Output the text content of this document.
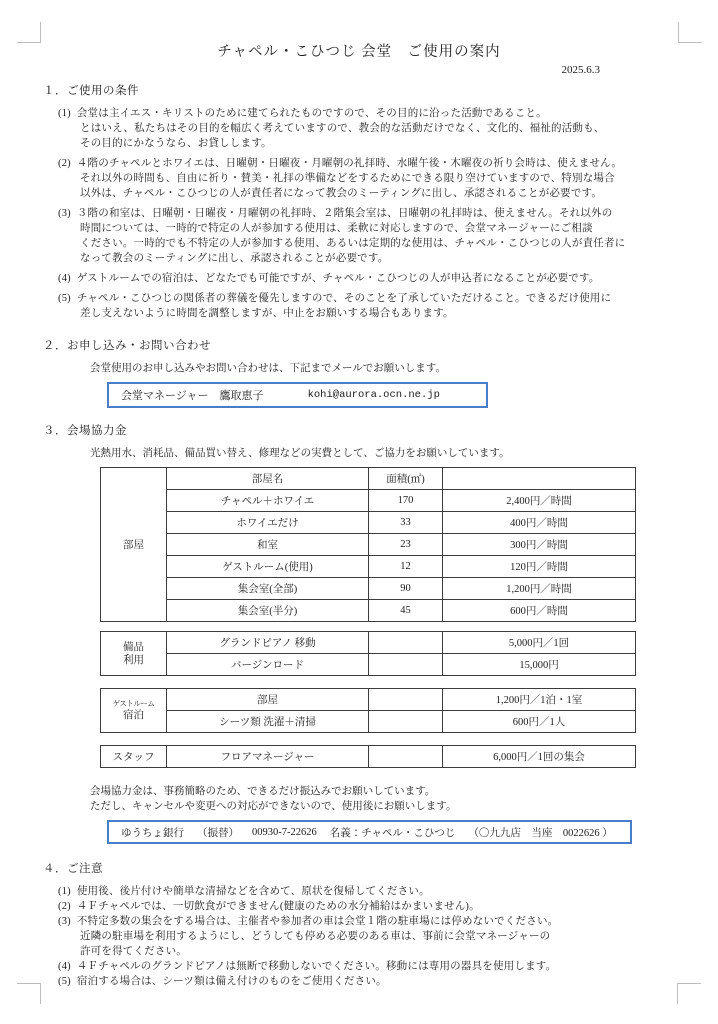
チャペル・こひつじ 会堂　ご使用の案内
2025.6.3
１．ご使用の条件
(1) 会堂は主イエス・キリストのために建てられたものですので、その目的に沿った活動であること。
とはいえ、私たちはその目的を幅広く考えていますので、教会的な活動だけでなく、文化的、福祉的活動も、
その目的にかなうなら、お貸しします。
(2) ４階のチャペルとホワイエは、日曜朝・日曜夜・月曜朝の礼拝時、水曜午後・木曜夜の祈り会時は、使えません。
それ以外の時間も、自由に祈り・賛美・礼拝の準備などをするためにできる限り空けていますので、特別な場合
以外は、チャペル・こひつじの人が責任者になって教会のミーティングに出し、承認されることが必要です。
(3) ３階の和室は、日曜朝・日曜夜・月曜朝の礼拝時、２階集会室は、日曜朝の礼拝時は、使えません。それ以外の
時間については、一時的で特定の人が参加する使用は、柔軟に対応しますので、会堂マネージャーにご相談
ください。一時的でも不特定の人が参加する使用、あるいは定期的な使用は、チャペル・こひつじの人が責任者に
なって教会のミーティングに出し、承認されることが必要です。
(4) ゲストルームでの宿泊は、どなたでも可能ですが、チャペル・こひつじの人が申込者になることが必要です。
(5) チャペル・こひつじの関係者の葬儀を優先しますので、そのことを了承していただけること。できるだけ使用に
差し支えないように時間を調整しますが、中止をお願いする場合もあります。
２．お申し込み・お問い合わせ
会堂使用のお申し込みやお問い合わせは、下記までメールでお願いします。
会堂マネージャー　鷹取恵子	kohi@aurora.ocn.ne.jp
３．会場協力金
光熱用水、消耗品、備品買い替え、修理などの実費として、ご協力をお願いしています。
部屋	部屋名	面積(㎡)	
	チャペル＋ホワイエ	170	2,400円／時間
	ホワイエだけ	33	400円／時間
	和室	23	300円／時間
	ゲストルーム(使用)	12	120円／時間
	集会室(全部)	90	1,200円／時間
	集会室(半分)	45	600円／時間
備品
利用	グランドピアノ 移動		5,000円／1回
	バージンロード		15,000円
ゲストルーム
宿泊	部屋		1,200円／1泊・1室
	シーツ類 洗濯＋清掃		600円／1人
スタッフ	フロアマネージャー		6,000円／1回の集会
会場協力金は、事務簡略のため、できるだけ振込みでお願いしています。
ただし、キャンセルや変更への対応ができないので、使用後にお願いします。
ゆうちょ銀行 （振替） 00930-7-22626 名義：チャペル・こひつじ （〇九九店　当座　0022626 ）
４．ご注意
(1) 使用後、後片付けや簡単な清掃などを含めて、原状を復帰してください。
(2) ４Ｆチャペルでは、一切飲食ができません(健康のための水分補給はかまいません)。
(3) 不特定多数の集会をする場合は、主催者や参加者の車は会堂１階の駐車場には停めないでください。
近隣の駐車場を利用するようにし、どうしても停める必要のある車は、事前に会堂マネージャーの
許可を得てください。
(4) ４Ｆチャペルのグランドピアノは無断で移動しないでください。移動には専用の器具を使用します。
(5) 宿泊する場合は、シーツ類は備え付けのものをご使用ください。
